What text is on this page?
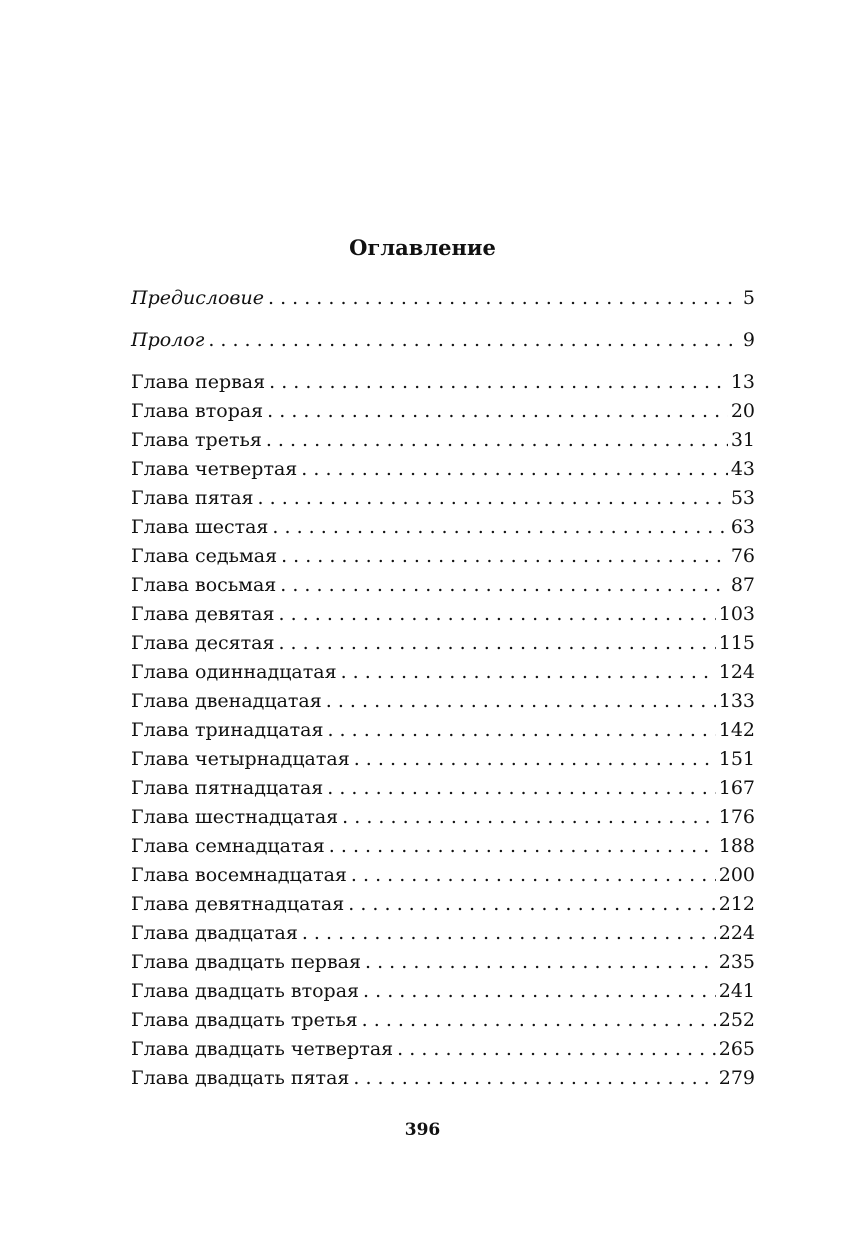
Оглавление
Предисловие . . .	5
Пролог . . .	9
Глава первая . . .	13
Глава вторая . . .	20
Глава третья . . .	31
Глава четвертая . . .	43
Глава пятая . . .	53
Глава шестая . . .	63
Глава седьмая . . .	76
Глава восьмая . . .	87
Глава девятая . . .	103
Глава десятая . . .	115
Глава одиннадцатая . . .	124
Глава двенадцатая . . .	133
Глава тринадцатая . . .	142
Глава четырнадцатая . . .	151
Глава пятнадцатая . . .	167
Глава шестнадцатая . . .	176
Глава семнадцатая . . .	188
Глава восемнадцатая . . .	200
Глава девятнадцатая . . .	212
Глава двадцатая . . .	224
Глава двадцать первая . . .	235
Глава двадцать вторая . . .	241
Глава двадцать третья . . .	252
Глава двадцать четвертая . . .	265
Глава двадцать пятая . . .	279
396
